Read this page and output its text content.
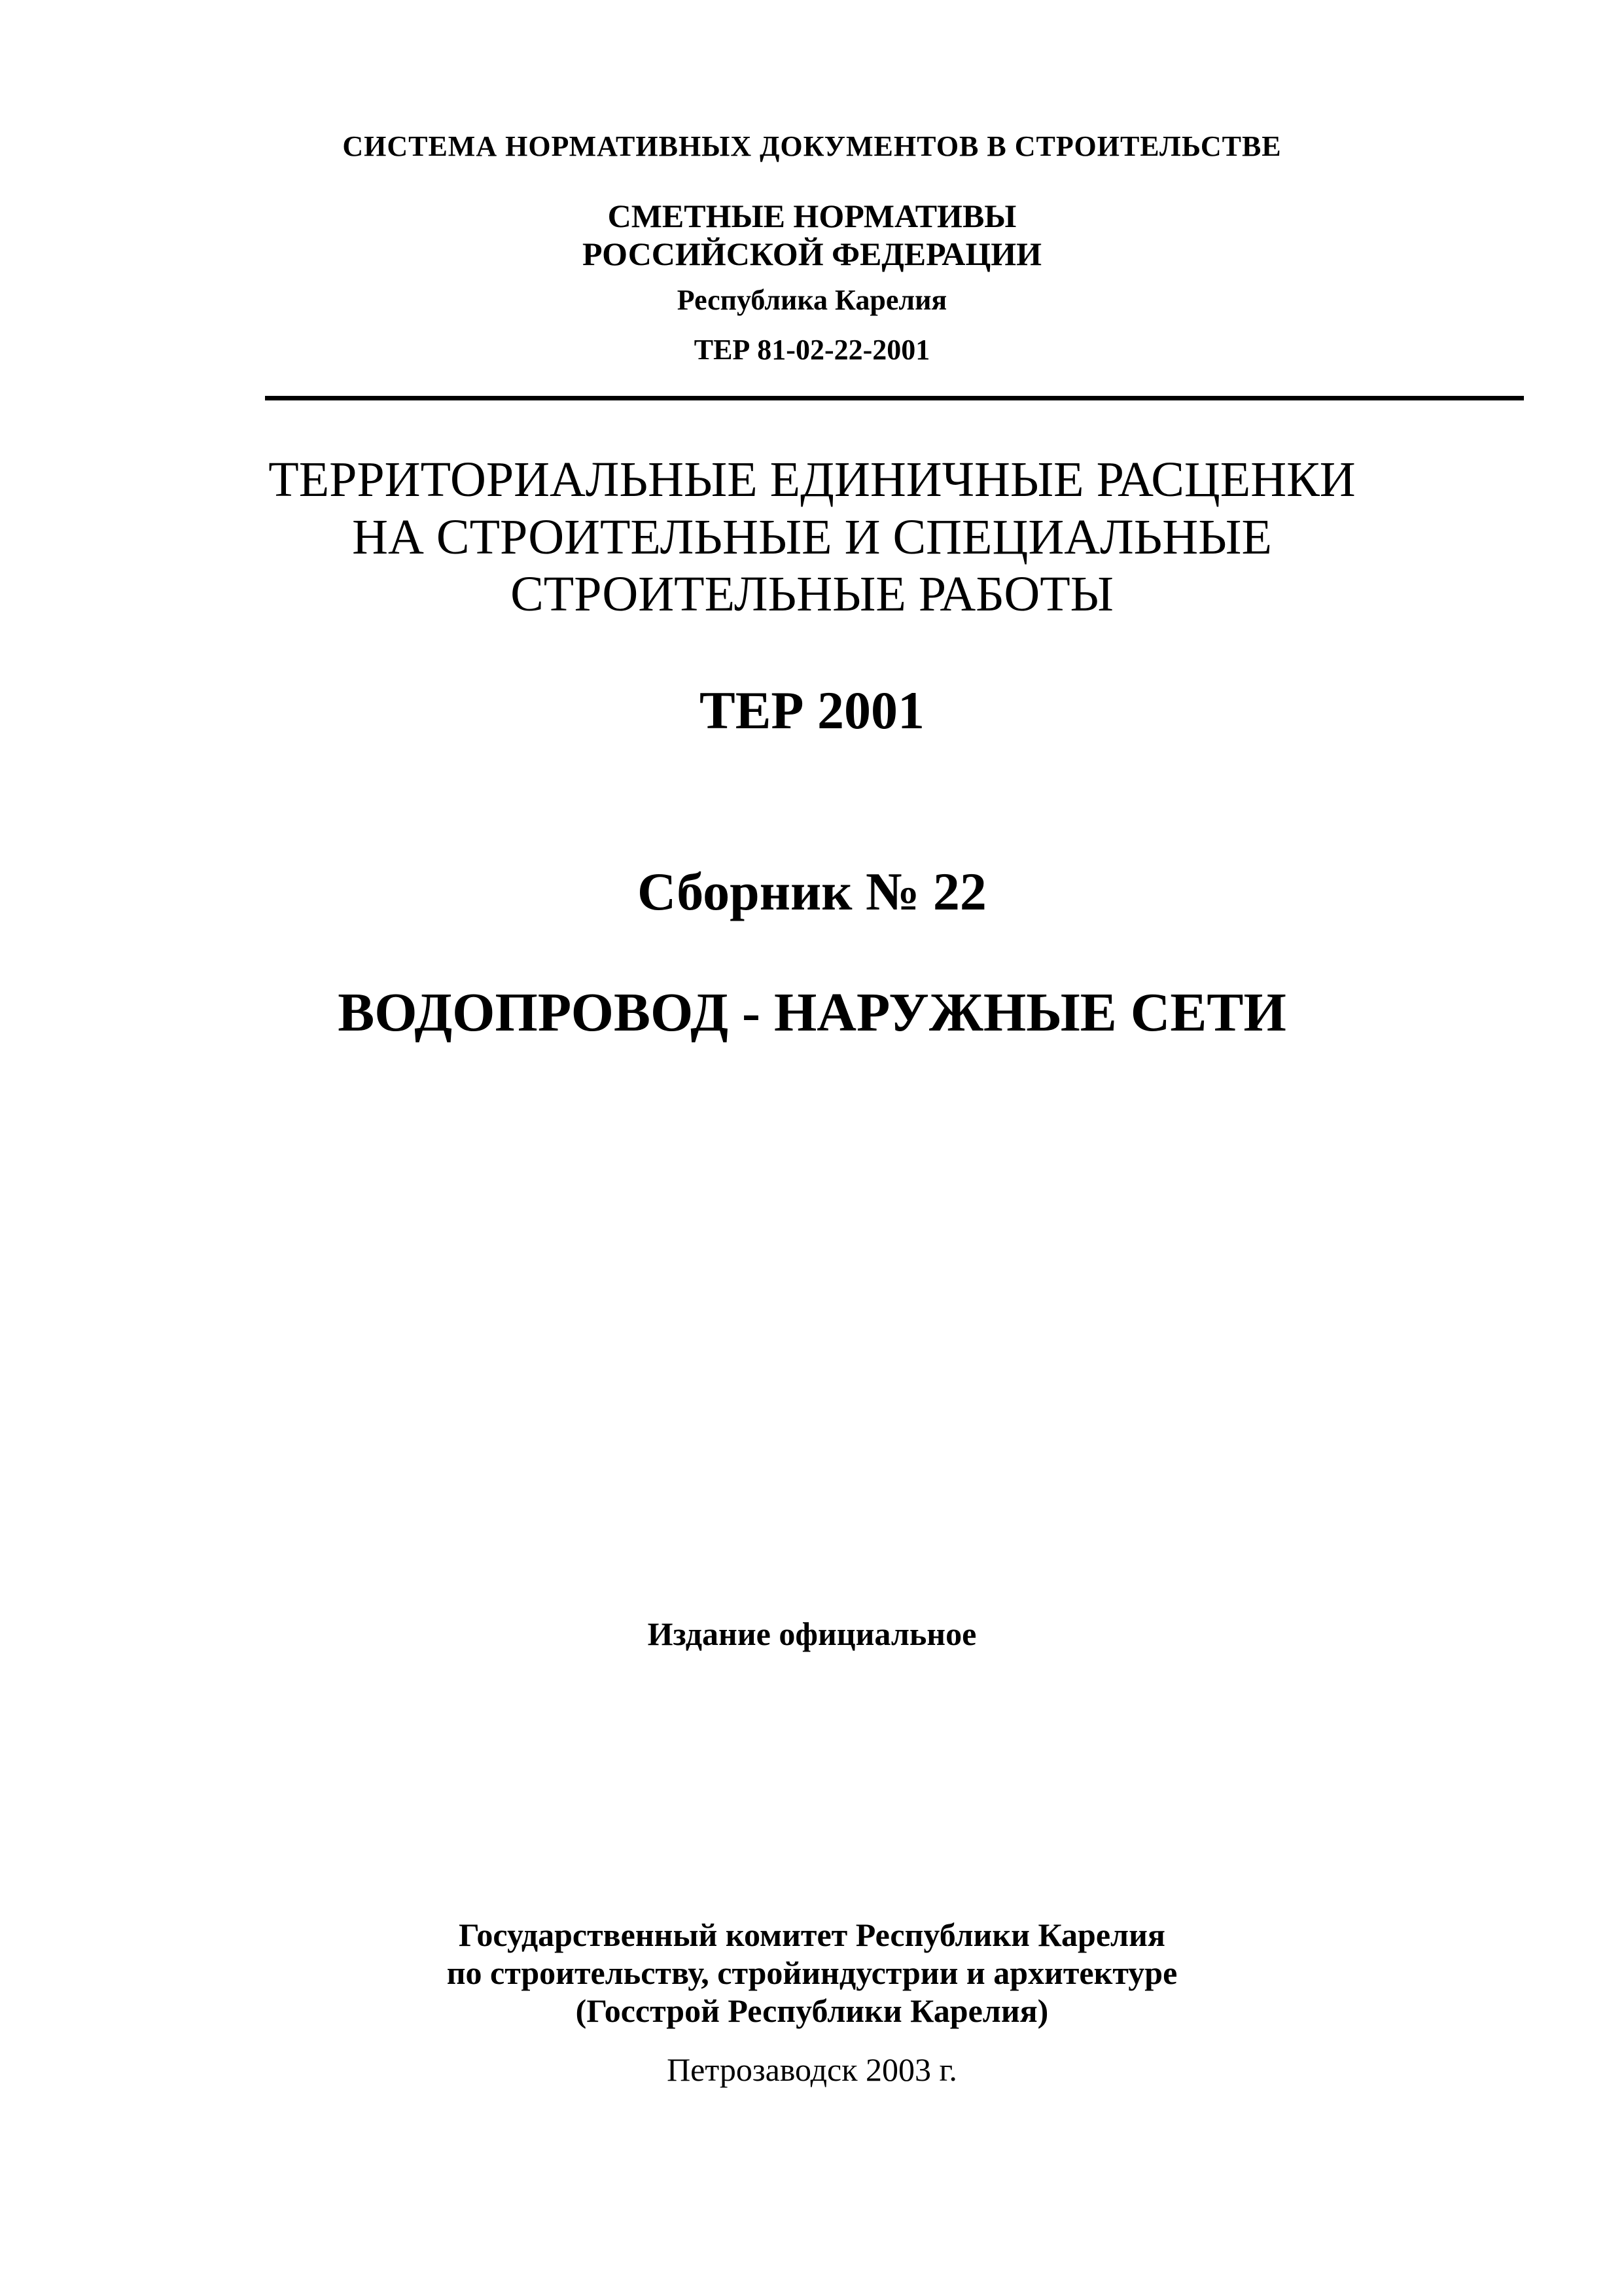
СИСТЕМА НОРМАТИВНЫХ ДОКУМЕНТОВ В СТРОИТЕЛЬСТВЕ
СМЕТНЫЕ НОРМАТИВЫ
РОССИЙСКОЙ ФЕДЕРАЦИИ
Республика Карелия
ТЕР 81-02-22-2001
ТЕРРИТОРИАЛЬНЫЕ ЕДИНИЧНЫЕ РАСЦЕНКИ
НА СТРОИТЕЛЬНЫЕ И СПЕЦИАЛЬНЫЕ
СТРОИТЕЛЬНЫЕ РАБОТЫ
ТЕР 2001
Сборник № 22
ВОДОПРОВОД - НАРУЖНЫЕ СЕТИ
Издание официальное
Государственный комитет Республики Карелия
по строительству, стройиндустрии и архитектуре
(Госстрой Республики Карелия)
Петрозаводск 2003 г.
